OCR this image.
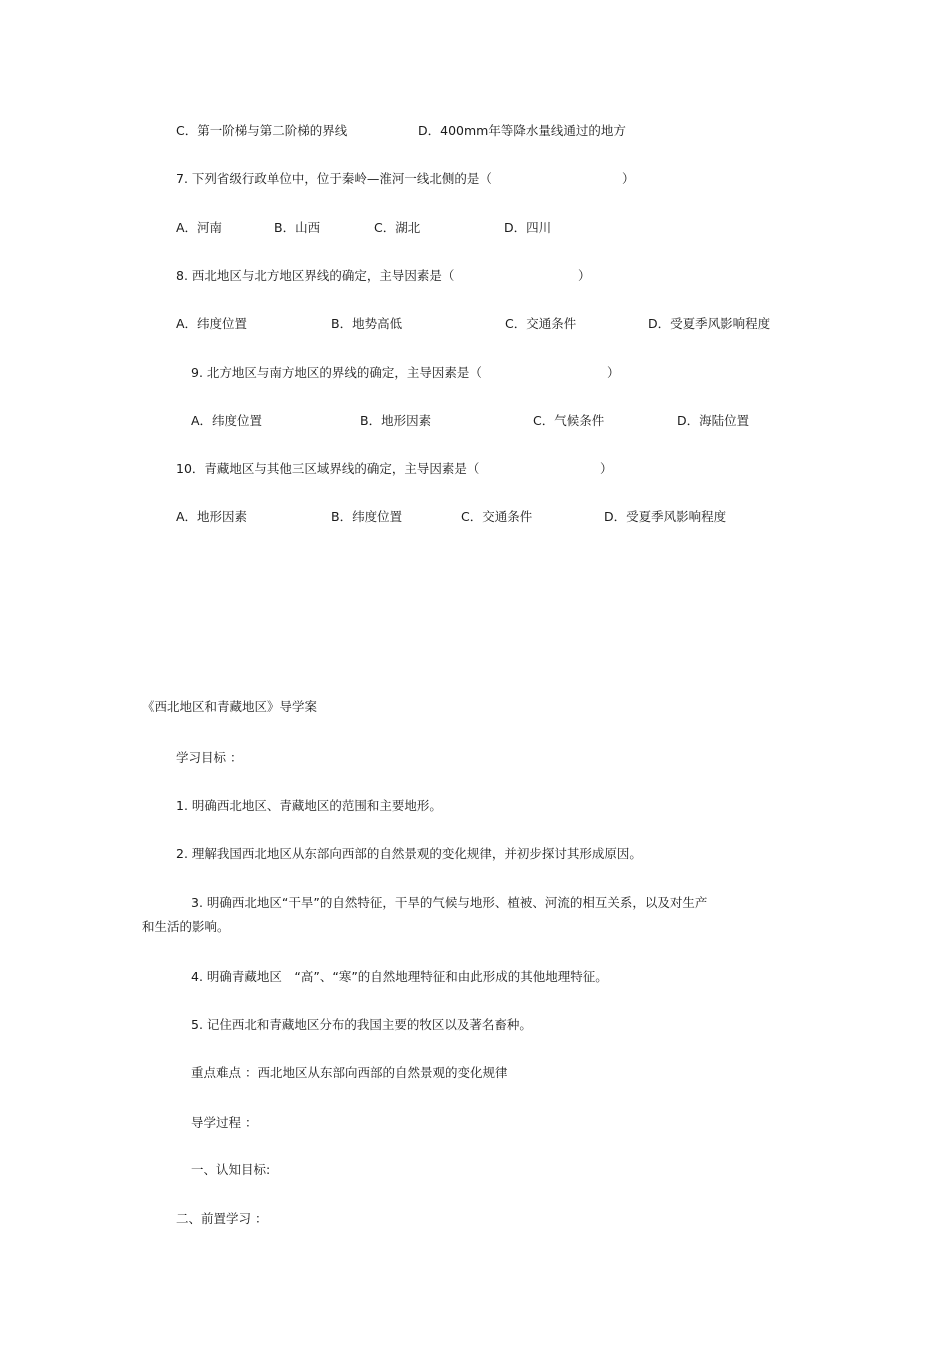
C．第一阶梯与第二阶梯的界线	D．400mm年等降水量线通过的地方
7. 下列省级行政单位中，位于秦岭—淮河一线北侧的是（	）
A．河南	B．山西	C．湖北	D．四川
8. 西北地区与北方地区界线的确定，主导因素是（	）
A．纬度位置	B．地势高低	C．交通条件	D．受夏季风影响程度
9. 北方地区与南方地区的界线的确定，主导因素是（	）
A．纬度位置	B．地形因素	C．气候条件	D．海陆位置
10．青藏地区与其他三区域界线的确定，主导因素是（	）
A．地形因素	B．纬度位置	C．交通条件	D．受夏季风影响程度
《西北地区和青藏地区》导学案
学习目标 ：
1. 明确西北地区、青藏地区的范围和主要地形。
2. 理解我国西北地区从东部向西部的自然景观的变化规律，并初步探讨其形成原因。
3. 明确西北地区“干旱”的自然特征，干旱的气候与地形、植被、河流的相互关系，以及对生产
和生活的影响。
4. 明确青藏地区　“高”、“寒”的自然地理特征和由此形成的其他地理特征。
5. 记住西北和青藏地区分布的我国主要的牧区以及著名畜种。
重点难点 ：西北地区从东部向西部的自然景观的变化规律
导学过程 ：
一、认知目标:
二、前置学习 ：
